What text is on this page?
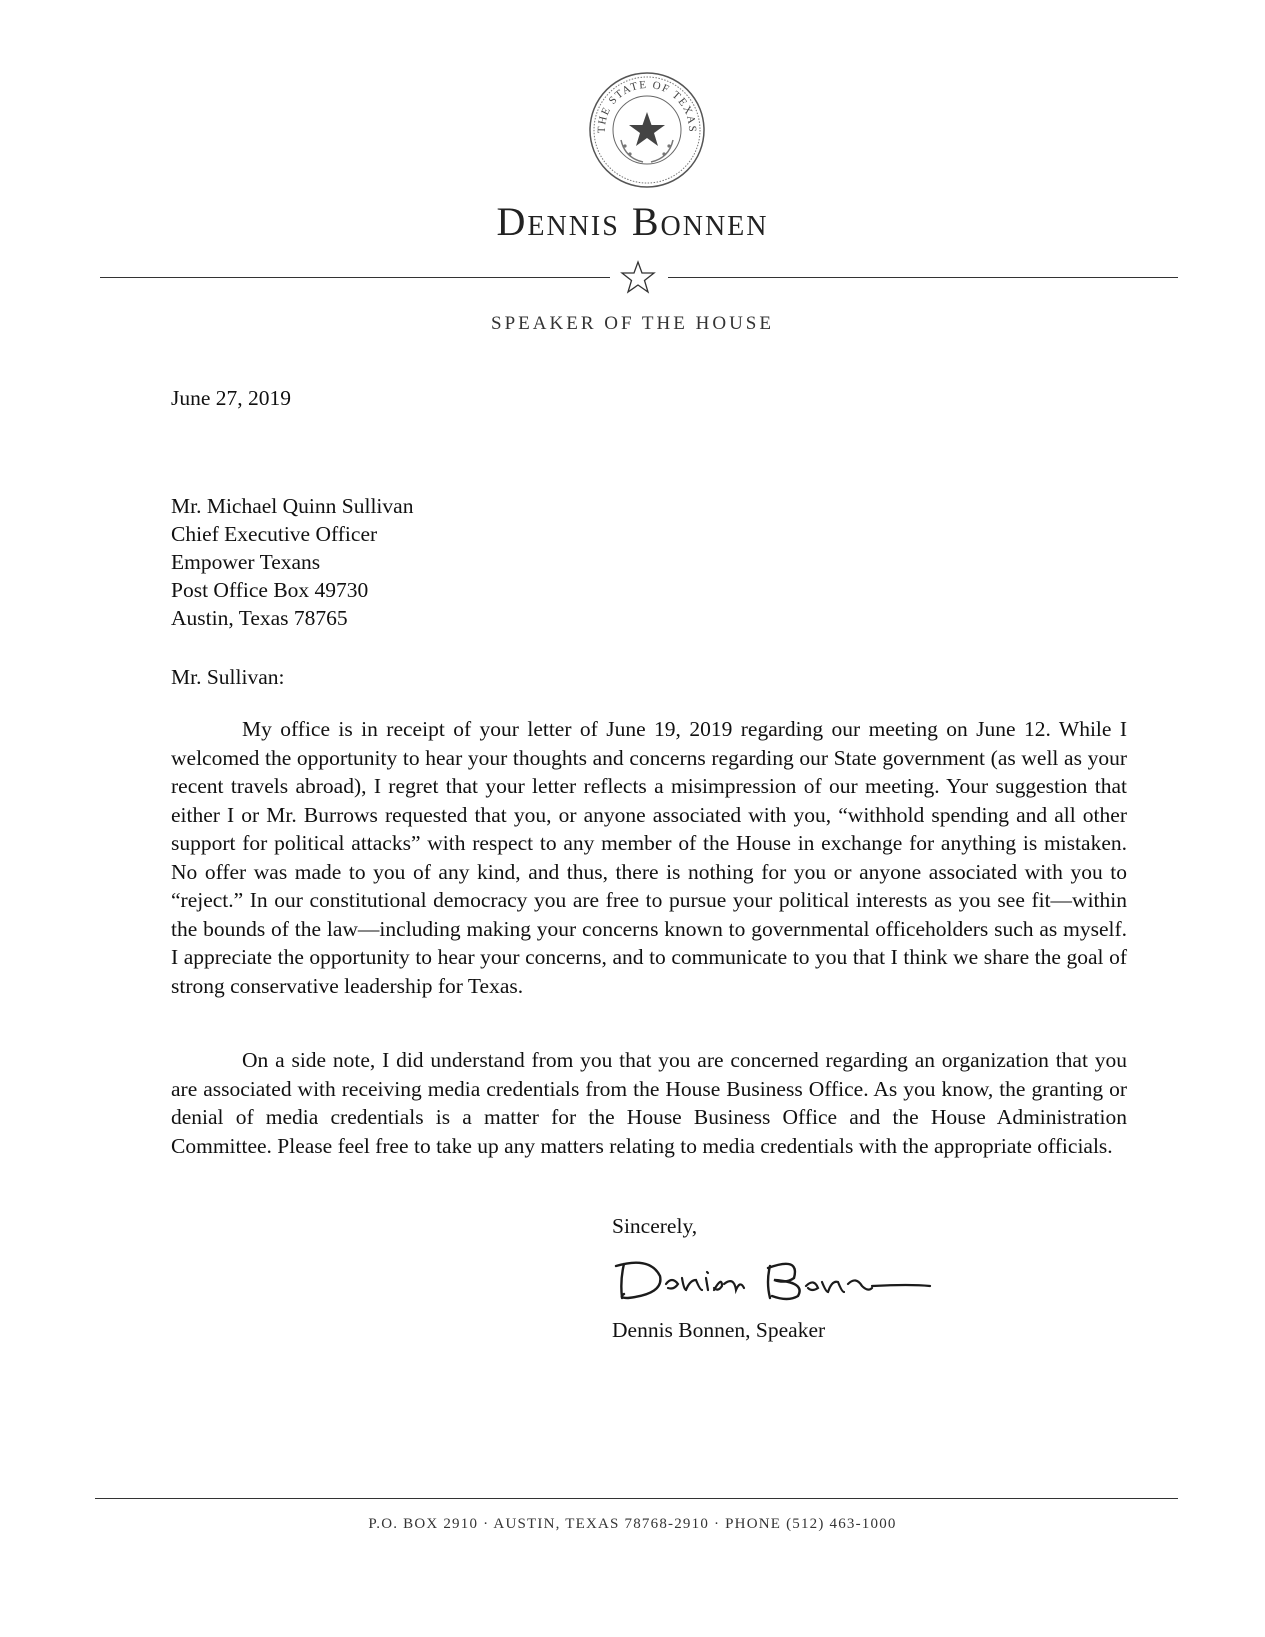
THE STATE OF TEXAS
Dennis Bonnen
SPEAKER OF THE HOUSE
June 27, 2019
Mr. Michael Quinn Sullivan
Chief Executive Officer
Empower Texans
Post Office Box 49730
Austin, Texas 78765
Mr. Sullivan:

My office is in receipt of your letter of June 19, 2019 regarding our meeting on June 12. While I welcomed the opportunity to hear your thoughts and concerns regarding our State government (as well as your recent travels abroad), I regret that your letter reflects a misimpression of our meeting. Your suggestion that either I or Mr. Burrows requested that you, or anyone associated with you, “withhold spending and all other support for political attacks” with respect to any member of the House in exchange for anything is mistaken. No offer was made to you of any kind, and thus, there is nothing for you or anyone associated with you to “reject.” In our constitutional democracy you are free to pursue your political interests as you see fit—within the bounds of the law—including making your concerns known to governmental officeholders such as myself. I appreciate the opportunity to hear your concerns, and to communicate to you that I think we share the goal of strong conservative leadership for Texas.

On a side note, I did understand from you that you are concerned regarding an organization that you are associated with receiving media credentials from the House Business Office. As you know, the granting or denial of media credentials is a matter for the House Business Office and the House Administration Committee. Please feel free to take up any matters relating to media credentials with the appropriate officials.

Sincerely,
Dennis Bonnen, Speaker
P.O. BOX 2910 · AUSTIN, TEXAS 78768-2910 · PHONE (512) 463-1000
